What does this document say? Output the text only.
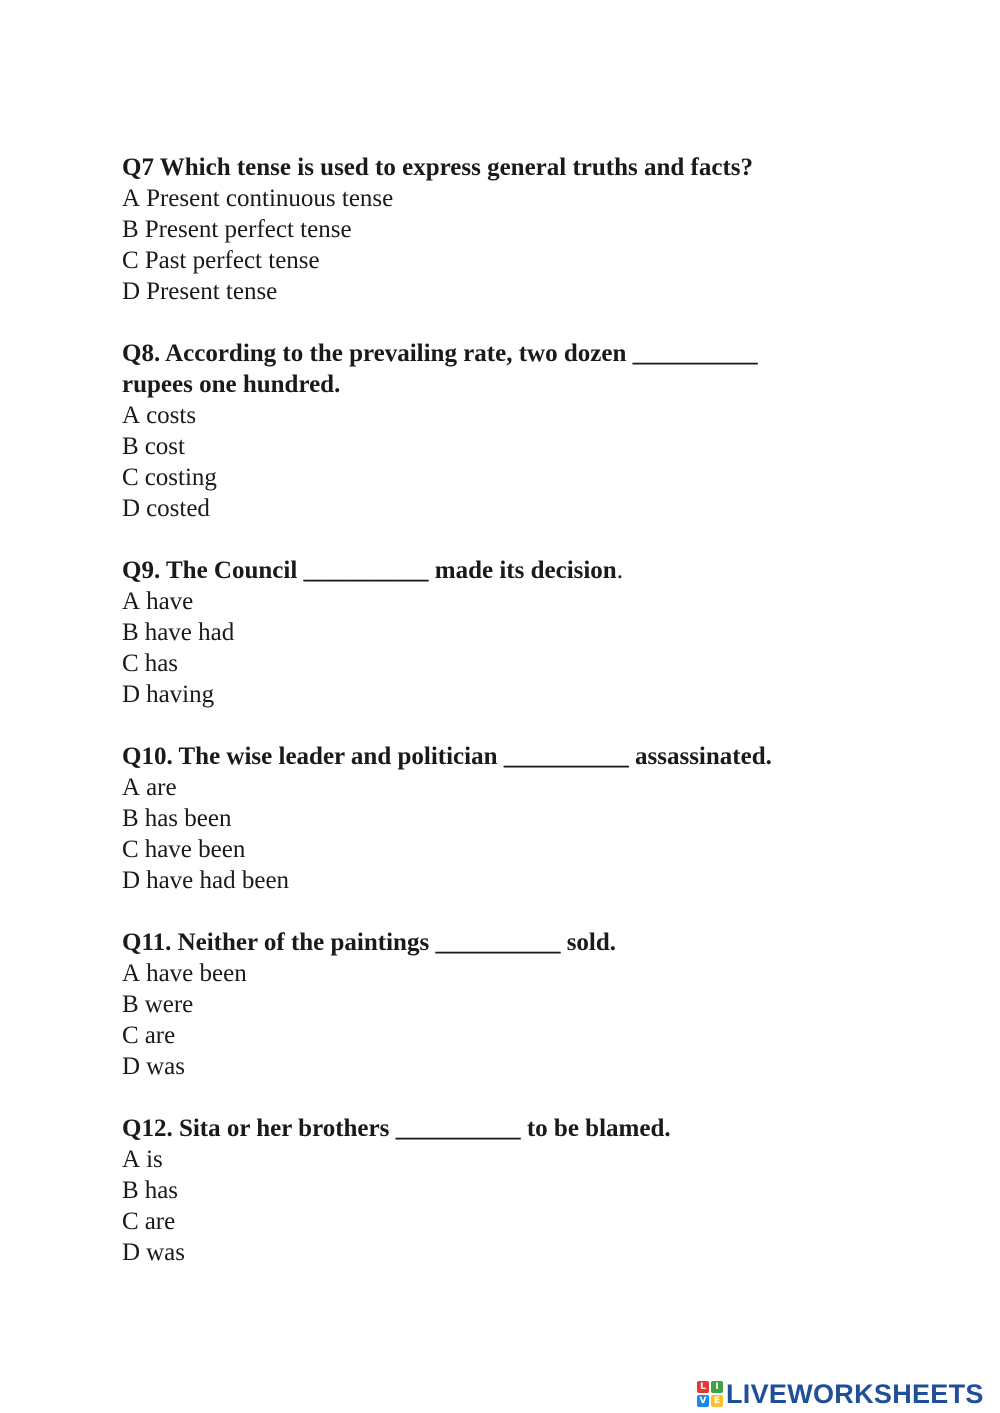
Q7 Which tense is used to express general truths and facts?

A Present continuous tense

B Present perfect tense

C Past perfect tense

D Present tense

Q8. According to the prevailing rate, two dozen __________
rupees one hundred.

A costs

B cost

C costing

D costed

Q9. The Council __________ made its decision.

A have

B have had

C has

D having

Q10. The wise leader and politician __________ assassinated.

A are

B has been

C have been

D have had been

Q11. Neither of the paintings __________ sold.

A have been

B were

C are

D was

Q12. Sita or her brothers __________ to be blamed.

A is

B has

C are

D was

L	I
V E LIVEWORKSHEETS
